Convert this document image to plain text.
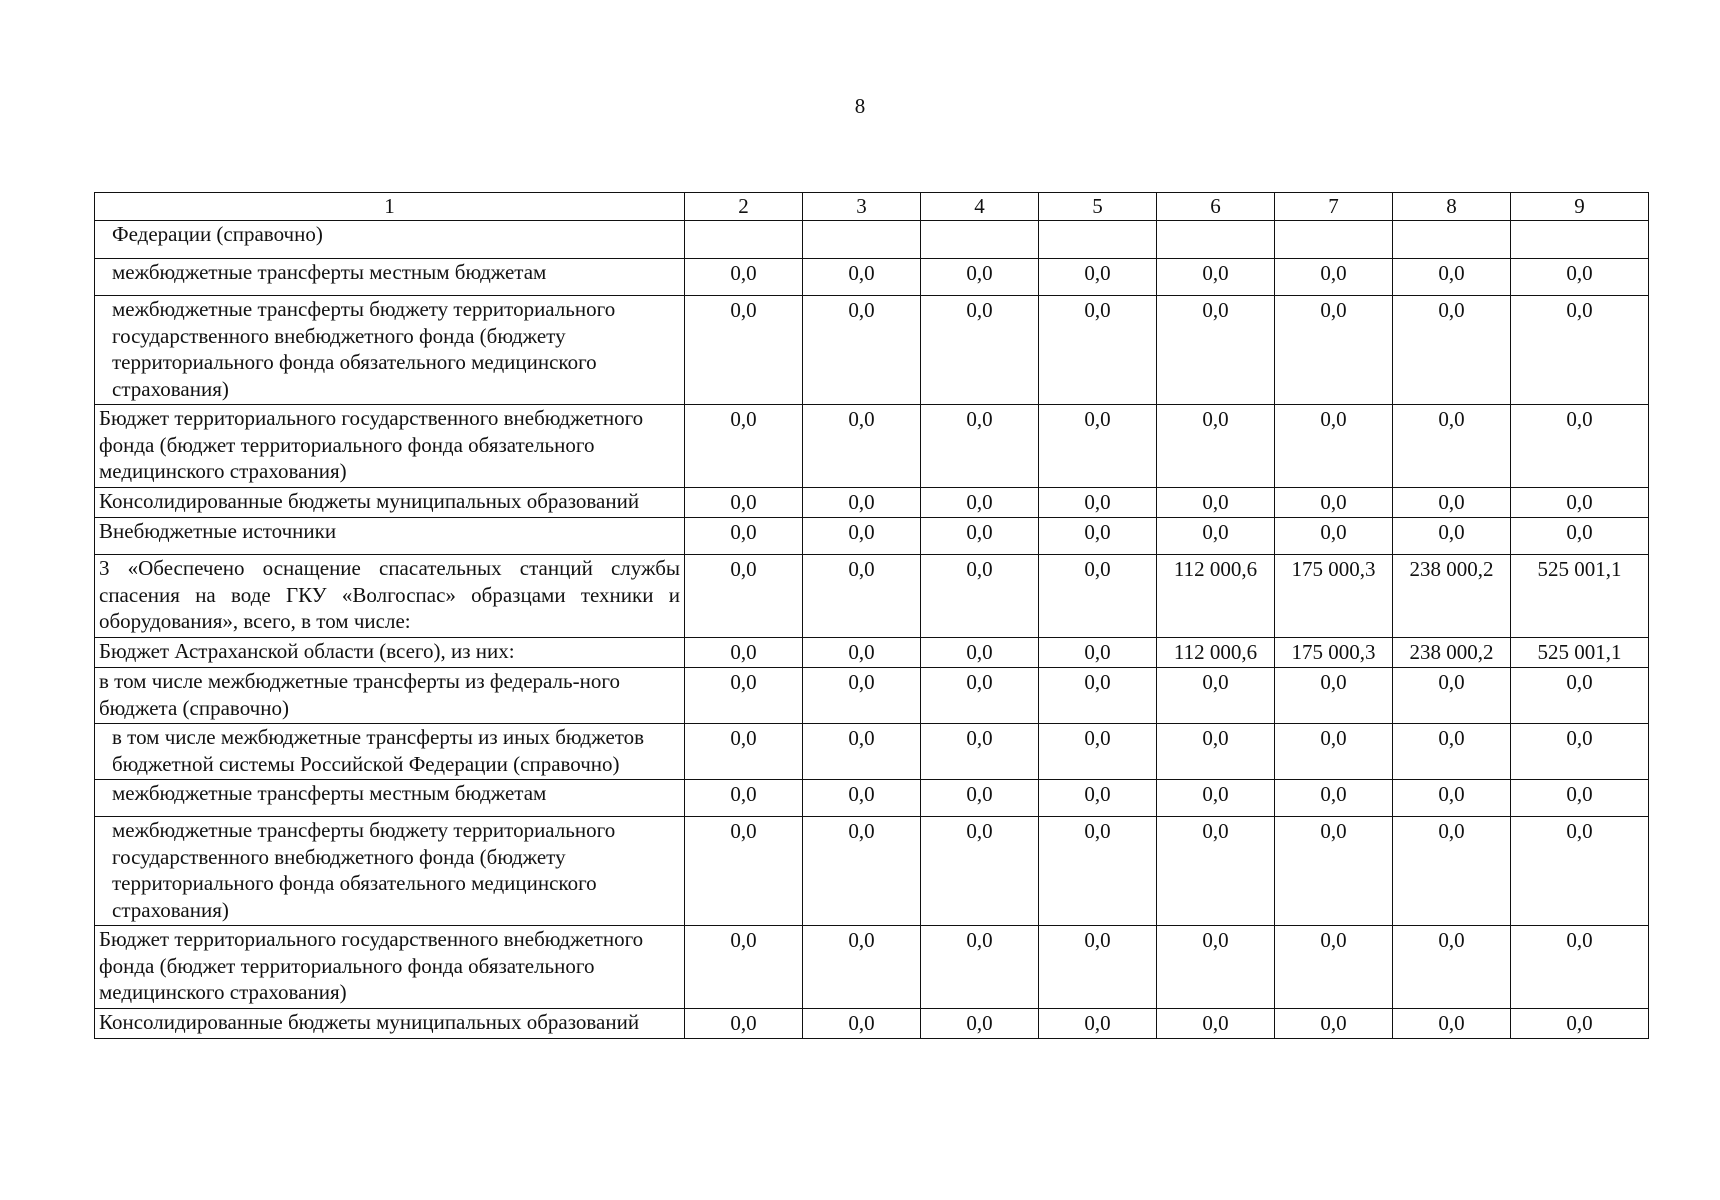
8
1	2	3	4	5	6	7	8	9
Федерации (справочно)								
межбюджетные трансферты местным бюджетам	0,0	0,0	0,0	0,0	0,0	0,0	0,0	0,0
межбюджетные трансферты бюджету территориального государственного внебюджетного фонда (бюджету территориального фонда обязательного медицинского страхования)	0,0	0,0	0,0	0,0	0,0	0,0	0,0	0,0
Бюджет территориального государственного внебюджетного фонда (бюджет территориального фонда обязательного медицинского страхования)	0,0	0,0	0,0	0,0	0,0	0,0	0,0	0,0
Консолидированные бюджеты муниципальных образований	0,0	0,0	0,0	0,0	0,0	0,0	0,0	0,0
Внебюджетные источники	0,0	0,0	0,0	0,0	0,0	0,0	0,0	0,0
3 «Обеспечено оснащение спасательных станций службы спасения на воде ГКУ «Волгоспас» образцами техники и оборудования», всего, в том числе:	0,0	0,0	0,0	0,0	112 000,6	175 000,3	238 000,2	525 001,1
Бюджет Астраханской области (всего), из них:	0,0	0,0	0,0	0,0	112 000,6	175 000,3	238 000,2	525 001,1
в том числе межбюджетные трансферты из федераль-ного бюджета (справочно)	0,0	0,0	0,0	0,0	0,0	0,0	0,0	0,0
в том числе межбюджетные трансферты из иных бюджетов бюджетной системы Российской Федерации (справочно)	0,0	0,0	0,0	0,0	0,0	0,0	0,0	0,0
межбюджетные трансферты местным бюджетам	0,0	0,0	0,0	0,0	0,0	0,0	0,0	0,0
межбюджетные трансферты бюджету территориального государственного внебюджетного фонда (бюджету территориального фонда обязательного медицинского страхования)	0,0	0,0	0,0	0,0	0,0	0,0	0,0	0,0
Бюджет территориального государственного внебюджетного фонда (бюджет территориального фонда обязательного медицинского страхования)	0,0	0,0	0,0	0,0	0,0	0,0	0,0	0,0
Консолидированные бюджеты муниципальных образований	0,0	0,0	0,0	0,0	0,0	0,0	0,0	0,0
